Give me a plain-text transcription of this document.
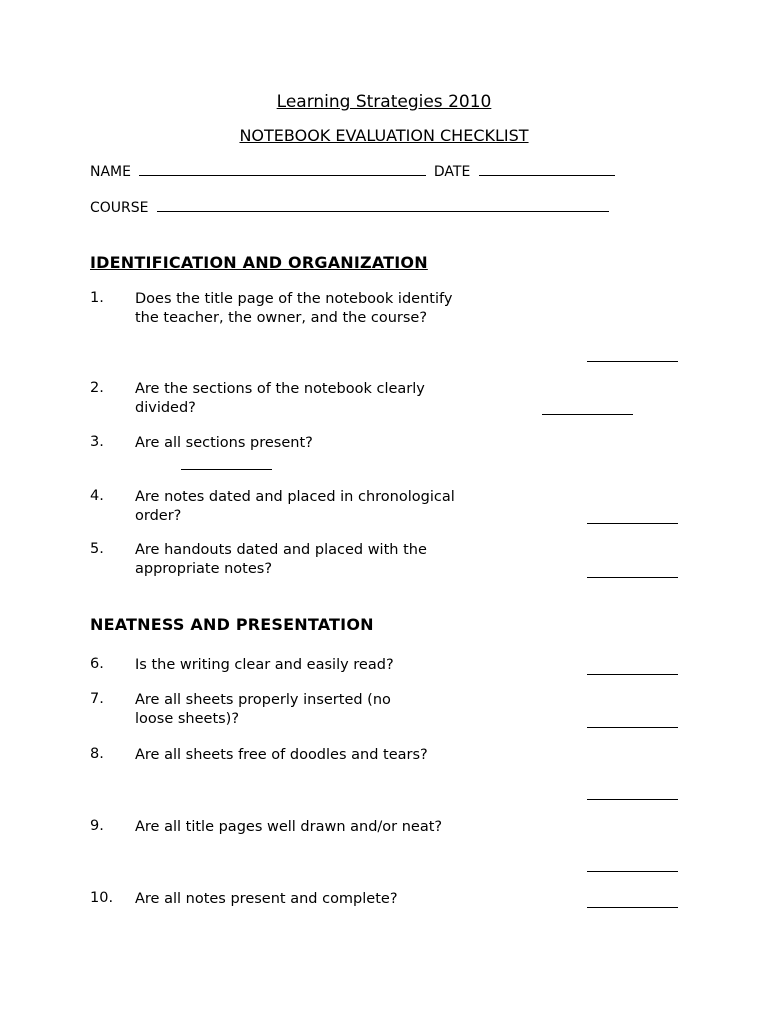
Learning Strategies 2010
NOTEBOOK EVALUATION CHECKLIST
NAME	DATE
COURSE
IDENTIFICATION AND ORGANIZATION
1. Does the title page of the notebook identify
the teacher, the owner, and the course?
2. Are the sections of the notebook clearly
divided?
3. Are all sections present?
4. Are notes dated and placed in chronological
order?
5. Are handouts dated and placed with the
appropriate notes?
NEATNESS AND PRESENTATION
6. Is the writing clear and easily read?
7. Are all sheets properly inserted (no
loose sheets)?
8. Are all sheets free of doodles and tears?
9. Are all title pages well drawn and/or neat?
10. Are all notes present and complete?
